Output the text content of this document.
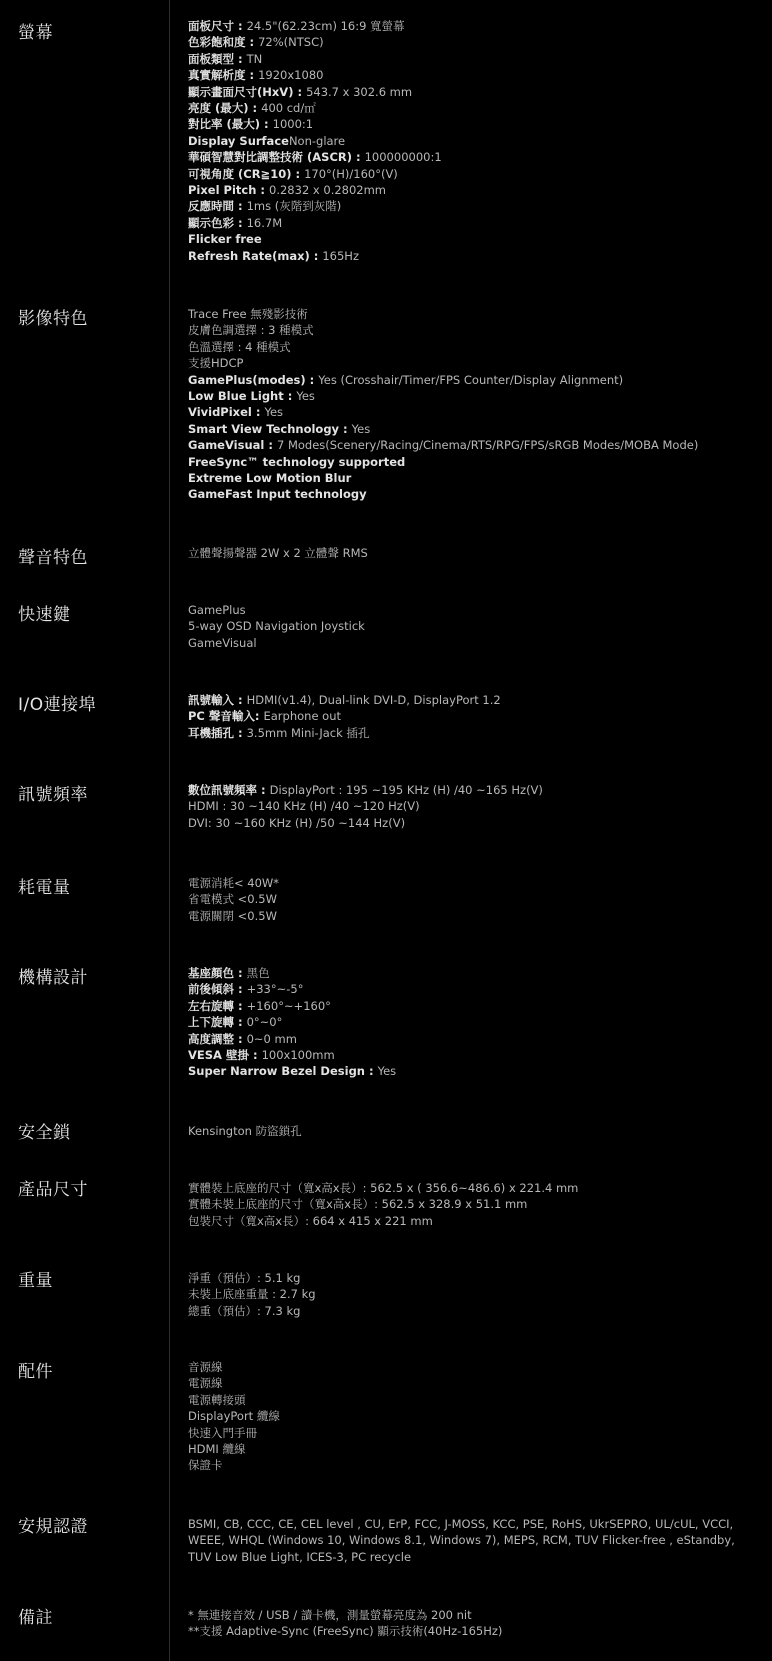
螢幕	面板尺寸 : 24.5"(62.23cm) 16:9 寬螢幕
色彩飽和度 : 72%(NTSC)
面板類型 : TN
真實解析度 : 1920x1080
顯示畫面尺寸(HxV) : 543.7 x 302.6 mm
亮度 (最大) : 400 cd/㎡
對比率 (最大) : 1000:1
Display SurfaceNon-glare
華碩智慧對比調整技術 (ASCR) : 100000000:1
可視角度 (CR≧10) : 170°(H)/160°(V)
Pixel Pitch : 0.2832 x 0.2802mm
反應時間 : 1ms (灰階到灰階)
顯示色彩 : 16.7M
Flicker free
Refresh Rate(max) : 165Hz
影像特色	Trace Free 無殘影技術
皮膚色調選擇 : 3 種模式
色溫選擇 : 4 種模式
支援HDCP
GamePlus(modes) : Yes (Crosshair/Timer/FPS Counter/Display Alignment)
Low Blue Light : Yes
VividPixel : Yes
Smart View Technology : Yes
GameVisual : 7 Modes(Scenery/Racing/Cinema/RTS/RPG/FPS/sRGB Modes/MOBA Mode)
FreeSync™ technology supported
Extreme Low Motion Blur
GameFast Input technology
聲音特色	立體聲揚聲器 2W x 2 立體聲 RMS
快速鍵	GamePlus
5-way OSD Navigation Joystick
GameVisual
I/O連接埠	訊號輸入 : HDMI(v1.4), Dual-link DVI-D, DisplayPort 1.2
PC 聲音輸入: Earphone out
耳機插孔 : 3.5mm Mini-Jack 插孔
訊號頻率	數位訊號頻率 : DisplayPort : 195 ~195 KHz (H) /40 ~165 Hz(V)
HDMI : 30 ~140 KHz (H) /40 ~120 Hz(V)
DVI: 30 ~160 KHz (H) /50 ~144 Hz(V)
耗電量	電源消耗< 40W*
省電模式 <0.5W
電源關閉 <0.5W
機構設計	基座顏色 : 黑色
前後傾斜 : +33°~-5°
左右旋轉 : +160°~+160°
上下旋轉 : 0°~0°
高度調整 : 0~0 mm
VESA 壁掛 : 100x100mm
Super Narrow Bezel Design : Yes
安全鎖	Kensington 防盜鎖孔
產品尺寸	實體裝上底座的尺寸（寬x高x長）: 562.5 x ( 356.6~486.6) x 221.4 mm
實體未裝上底座的尺寸（寬x高x長）: 562.5 x 328.9 x 51.1 mm
包裝尺寸（寬x高x長）: 664 x 415 x 221 mm
重量	淨重（預估）: 5.1 kg
未裝上底座重量 : 2.7 kg
總重（預估）: 7.3 kg
配件	音源線
電源線
電源轉接頭
DisplayPort 纜線
快速入門手冊
HDMI 纜線
保證卡
安規認證	BSMI, CB, CCC, CE, CEL level , CU, ErP, FCC, J-MOSS, KCC, PSE, RoHS, UkrSEPRO, UL/cUL, VCCI, WEEE, WHQL (Windows 10, Windows 8.1, Windows 7), MEPS, RCM, TUV Flicker-free , eStandby, TUV Low Blue Light, ICES-3, PC recycle
備註	* 無連接音效 / USB / 讀卡機，測量螢幕亮度為 200 nit
**支援 Adaptive-Sync (FreeSync) 顯示技術(40Hz-165Hz)
